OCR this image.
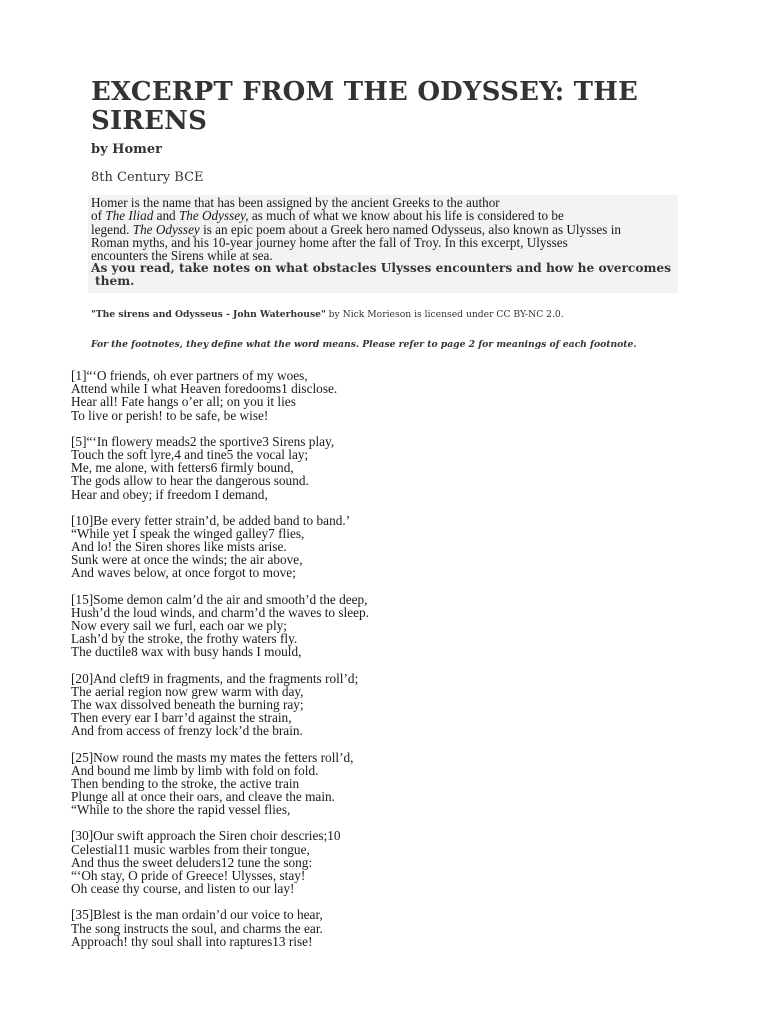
EXCERPT FROM THE ODYSSEY: THE SIRENS
by Homer
8th Century BCE

Homer is the name that has been assigned by the ancient Greeks to the author
of The Iliad and The Odyssey, as much of what we know about his life is considered to be
legend. The Odyssey is an epic poem about a Greek hero named Odysseus, also known as Ulysses in
Roman myths, and his 10-year journey home after the fall of Troy. In this excerpt, Ulysses
encounters the Sirens while at sea.

As you read, take notes on what obstacles Ulysses encounters and how he overcomes them.

"The sirens and Odysseus - John Waterhouse" by Nick Morieson is licensed under CC BY-NC 2.0.
For the footnotes, they define what the word means. Please refer to page 2 for meanings of each footnote.
[1]“‘O friends, oh ever partners of my woes,
Attend while I what Heaven foredooms1 disclose.
Hear all! Fate hangs o’er all; on you it lies
To live or perish! to be safe, be wise!
[5]“‘In flowery meads2 the sportive3 Sirens play,
Touch the soft lyre,4 and tine5 the vocal lay;
Me, me alone, with fetters6 firmly bound,
The gods allow to hear the dangerous sound.
Hear and obey; if freedom I demand,
[10]Be every fetter strain’d, be added band to band.’
“While yet I speak the winged galley7 flies,
And lo! the Siren shores like mists arise.
Sunk were at once the winds; the air above,
And waves below, at once forgot to move;
[15]Some demon calm’d the air and smooth’d the deep,
Hush’d the loud winds, and charm’d the waves to sleep.
Now every sail we furl, each oar we ply;
Lash’d by the stroke, the frothy waters fly.
The ductile8 wax with busy hands I mould,
[20]And cleft9 in fragments, and the fragments roll’d;
The aerial region now grew warm with day,
The wax dissolved beneath the burning ray;
Then every ear I barr’d against the strain,
And from access of frenzy lock’d the brain.
[25]Now round the masts my mates the fetters roll’d,
And bound me limb by limb with fold on fold.
Then bending to the stroke, the active train
Plunge all at once their oars, and cleave the main.
“While to the shore the rapid vessel flies,
[30]Our swift approach the Siren choir descries;10
Celestial11 music warbles from their tongue,
And thus the sweet deluders12 tune the song:
“‘Oh stay, O pride of Greece! Ulysses, stay!
Oh cease thy course, and listen to our lay!
[35]Blest is the man ordain’d our voice to hear,
The song instructs the soul, and charms the ear.
Approach! thy soul shall into raptures13 rise!
